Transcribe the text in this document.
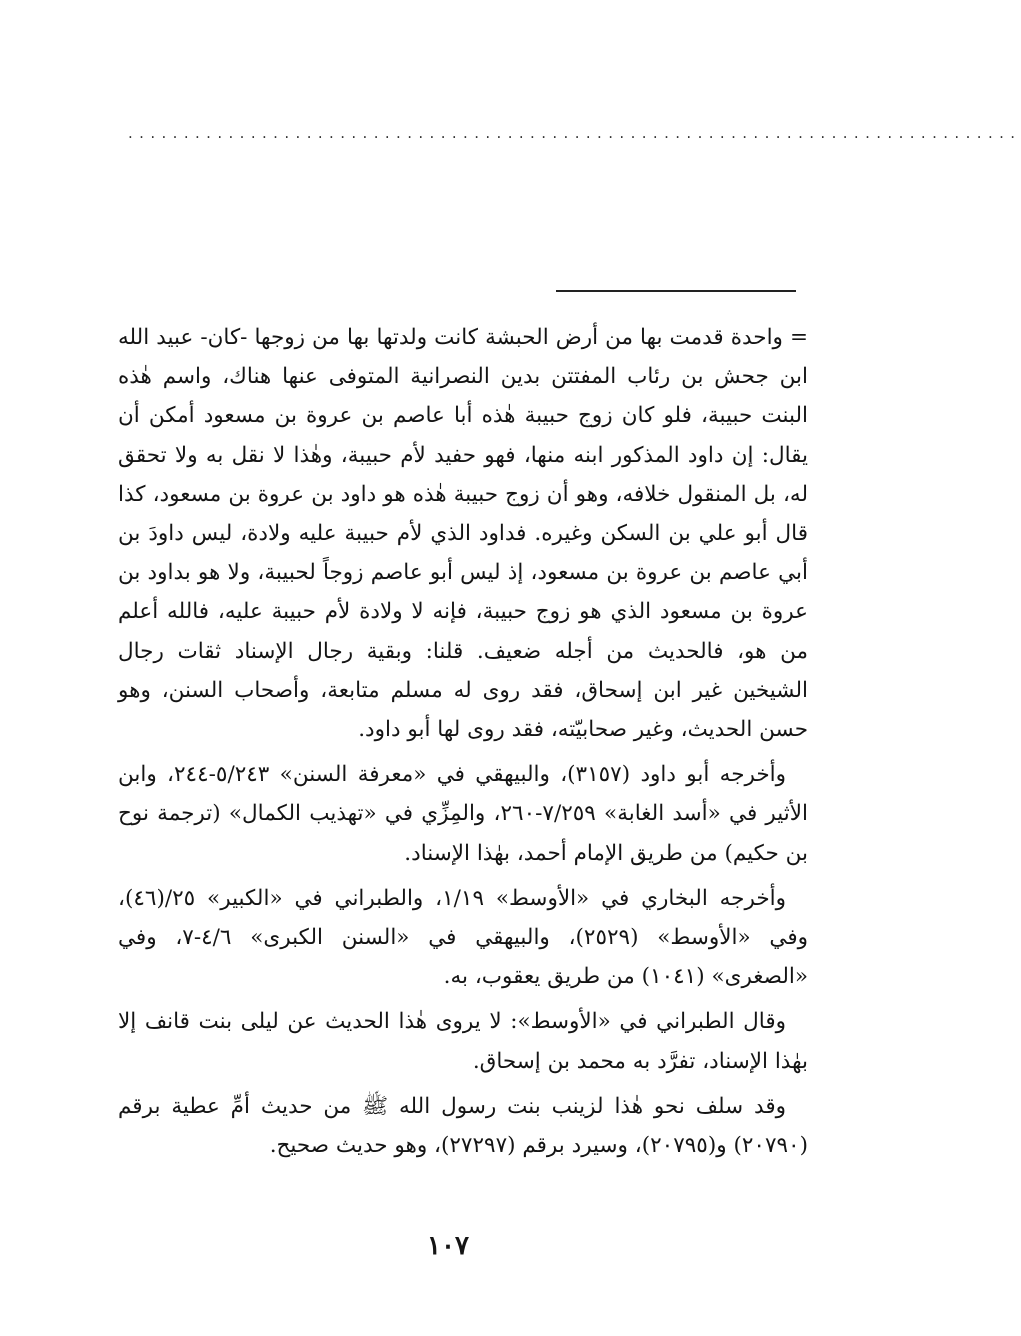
................................................................................

= واحدة قدمت بها من أرض الحبشة كانت ولدتها بها من زوجها -كان- عبيد الله ابن جحش بن رئاب المفتتن بدين النصرانية المتوفى عنها هناك، واسم هٰذه البنت حبيبة، فلو كان زوج حبيبة هٰذه أبا عاصم بن عروة بن مسعود أمكن أن يقال: إن داود المذكور ابنه منها، فهو حفيد لأم حبيبة، وهٰذا لا نقل به ولا تحقق له، بل المنقول خلافه، وهو أن زوج حبيبة هٰذه هو داود بن عروة بن مسعود، كذا قال أبو علي بن السكن وغيره. فداود الذي لأم حبيبة عليه ولادة، ليس داودَ بن أبي عاصم بن عروة بن مسعود، إذ ليس أبو عاصم زوجاً لحبيبة، ولا هو بداود بن عروة بن مسعود الذي هو زوج حبيبة، فإنه لا ولادة لأم حبيبة عليه، فالله أعلم من هو، فالحديث من أجله ضعيف. قلنا: وبقية رجال الإسناد ثقات رجال الشيخين غير ابن إسحاق، فقد روى له مسلم متابعة، وأصحاب السنن، وهو حسن الحديث، وغير صحابيّته، فقد روى لها أبو داود.

وأخرجه أبو داود (٣١٥٧)، والبيهقي في «معرفة السنن» ٥/٢٤٣-٢٤٤، وابن الأثير في «أسد الغابة» ٧/٢٥٩-٢٦٠، والمِزِّي في «تهذيب الكمال» (ترجمة نوح بن حكيم) من طريق الإمام أحمد، بهٰذا الإسناد.

وأخرجه البخاري في «الأوسط» ١/١٩، والطبراني في «الكبير» ٢٥/(٤٦)، وفي «الأوسط» (٢٥٢٩)، والبيهقي في «السنن الكبرى» ٤/٦-٧، وفي «الصغرى» (١٠٤١) من طريق يعقوب، به.

وقال الطبراني في «الأوسط»: لا يروى هٰذا الحديث عن ليلى بنت قانف إلا بهٰذا الإسناد، تفرَّد به محمد بن إسحاق.

وقد سلف نحو هٰذا لزينب بنت رسول الله ﷺ من حديث أمِّ عطية برقم (٢٠٧٩٠) و(٢٠٧٩٥)، وسيرد برقم (٢٧٢٩٧)، وهو حديث صحيح.

١٠٧
